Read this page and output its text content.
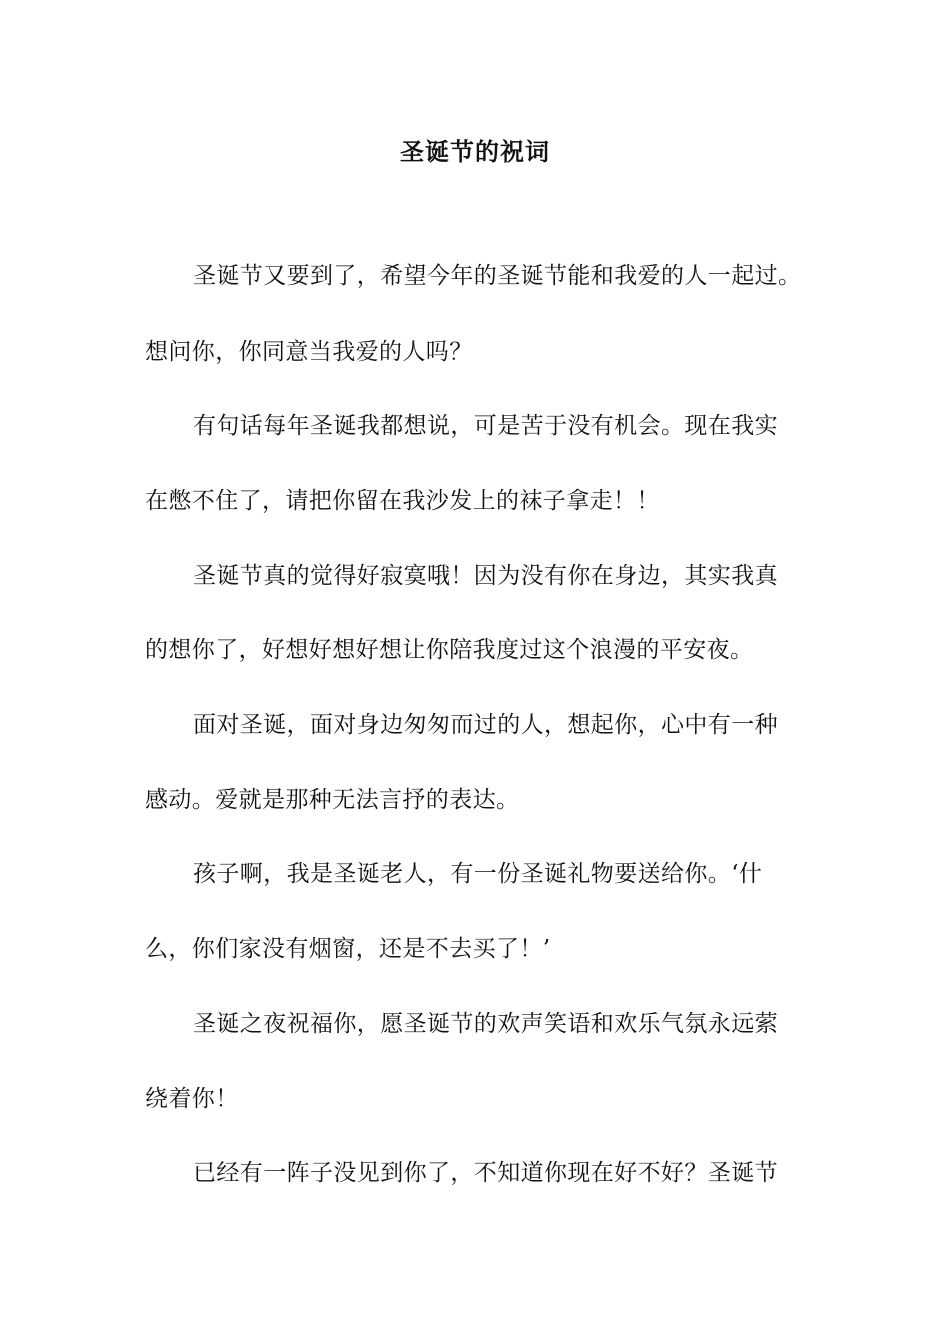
圣诞节的祝词
圣诞节又要到了，希望今年的圣诞节能和我爱的人一起过。
想问你，你同意当我爱的人吗？
有句话每年圣诞我都想说，可是苦于没有机会。现在我实
在憋不住了，请把你留在我沙发上的袜子拿走！！
圣诞节真的觉得好寂寞哦！因为没有你在身边，其实我真
的想你了，好想好想好想让你陪我度过这个浪漫的平安夜。
面对圣诞，面对身边匆匆而过的人，想起你，心中有一种
感动。爱就是那种无法言抒的表达。
孩子啊，我是圣诞老人，有一份圣诞礼物要送给你。‘什
么，你们家没有烟窗，还是不去买了！’
圣诞之夜祝福你，愿圣诞节的欢声笑语和欢乐气氛永远萦
绕着你！
已经有一阵子没见到你了，不知道你现在好不好？圣诞节
